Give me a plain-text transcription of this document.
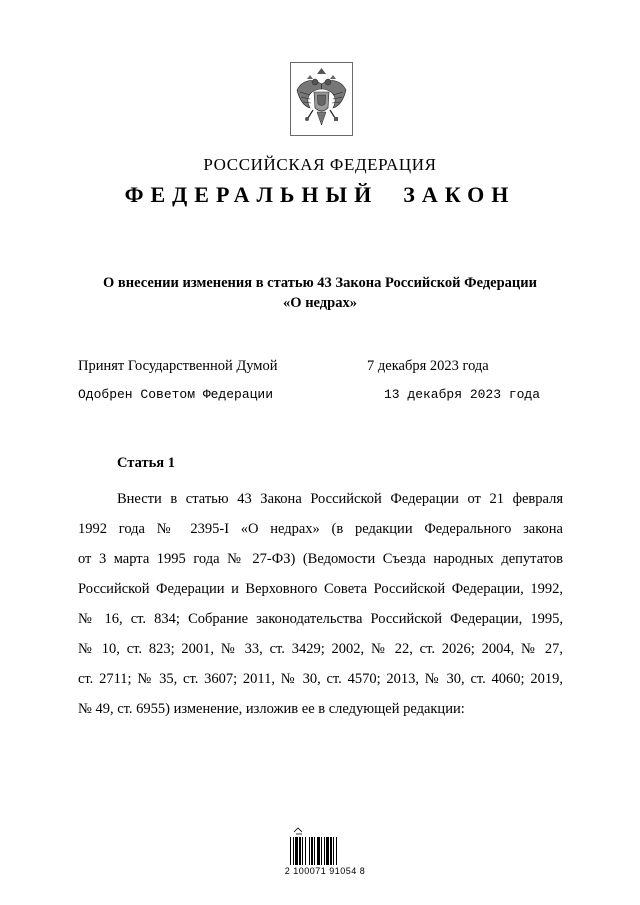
РОССИЙСКАЯ ФЕДЕРАЦИЯ
ФЕДЕРАЛЬНЫЙ  ЗАКОН
О внесении изменения в статью 43 Закона Российской Федерации
«О недрах»
Принят Государственной Думой	7 декабря 2023 года
Одобрен Советом Федерации	13 декабря 2023 года
Статья 1
Внести в статью 43 Закона Российской Федерации от 21 февраля
1992 года № 2395-I «О недрах» (в редакции Федерального закона
от 3 марта 1995 года № 27-ФЗ) (Ведомости Съезда народных депутатов
Российской Федерации и Верховного Совета Российской Федерации, 1992,
№ 16, ст. 834; Собрание законодательства Российской Федерации, 1995,
№ 10, ст. 823; 2001, № 33, ст. 3429; 2002, № 22, ст. 2026; 2004, № 27,
ст. 2711; № 35, ст. 3607; 2011, № 30, ст. 4570; 2013, № 30, ст. 4060; 2019,
№ 49, ст. 6955) изменение, изложив ее в следующей редакции:
2 100071 91054 8
